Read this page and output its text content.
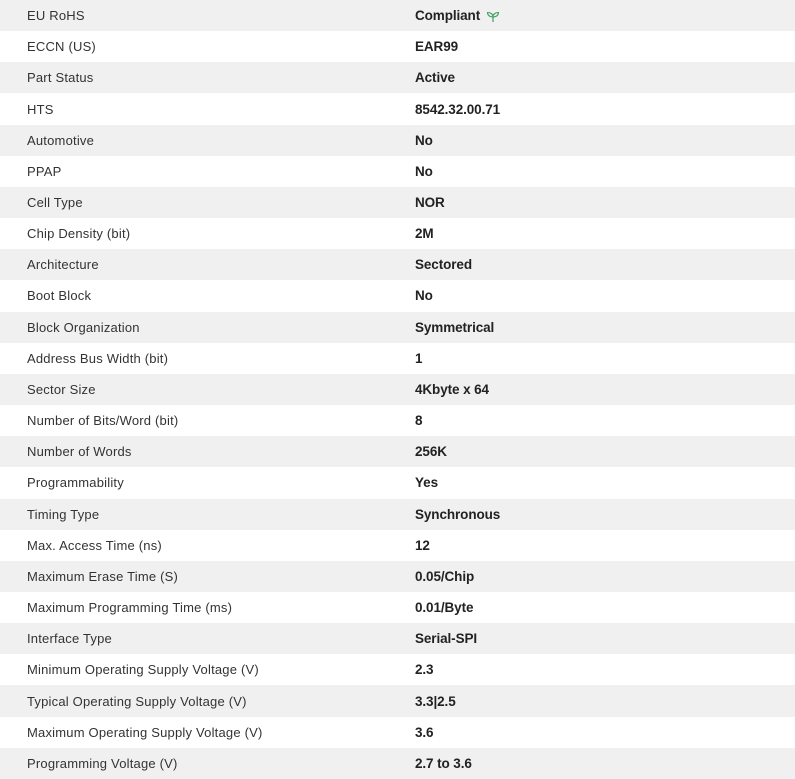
EU RoHS	Compliant
ECCN (US)	EAR99
Part Status	Active
HTS	8542.32.00.71
Automotive	No
PPAP	No
Cell Type	NOR
Chip Density (bit)	2M
Architecture	Sectored
Boot Block	No
Block Organization	Symmetrical
Address Bus Width (bit)	1
Sector Size	4Kbyte x 64
Number of Bits/Word (bit)	8
Number of Words	256K
Programmability	Yes
Timing Type	Synchronous
Max. Access Time (ns)	12
Maximum Erase Time (S)	0.05/Chip
Maximum Programming Time (ms)	0.01/Byte
Interface Type	Serial-SPI
Minimum Operating Supply Voltage (V)	2.3
Typical Operating Supply Voltage (V)	3.3|2.5
Maximum Operating Supply Voltage (V)	3.6
Programming Voltage (V)	2.7 to 3.6
